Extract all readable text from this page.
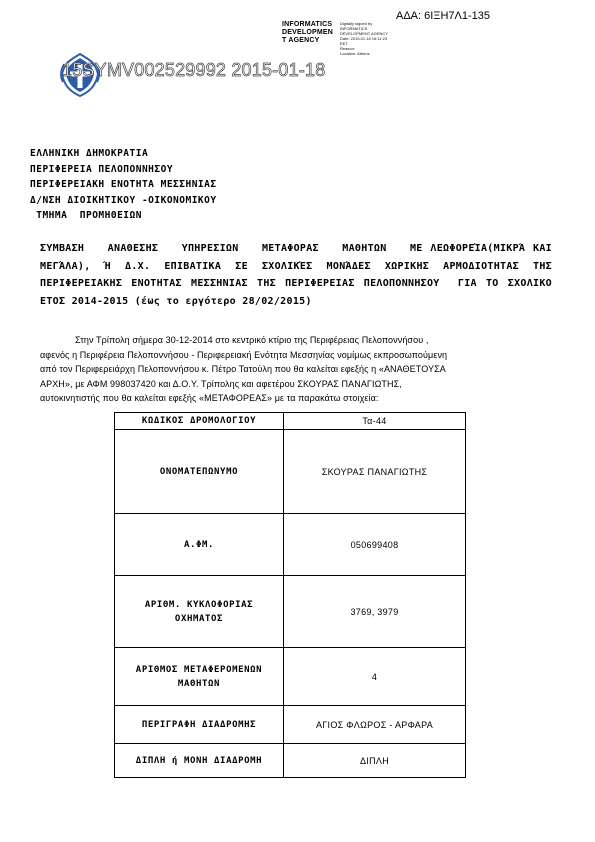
ΑΔΑ: 6ΙΞΗ7Λ1-135
INFORMATICS
DEVELOPMEN
T AGENCY
Digitally signed by
INFORMATICS
DEVELOPMENT AGENCY
Date: 2015.01.16 16:11:23
EET
Reason:
Location: Athens
15SYMV002529992 2015-01-18
ΕΛΛΗΝΙΚΗ ΔΗΜΟΚΡΑΤΙΑ
ΠΕΡΙΦΕΡΕΙΑ ΠΕΛΟΠΟΝΝΗΣΟΥ
ΠΕΡΙΦΕΡΕΙΑΚΗ ΕΝΟΤΗΤΑ ΜΕΣΣΗΝΙΑΣ
Δ/ΝΣΗ ΔΙΟΙΚΗΤΙΚΟΥ -ΟΙΚΟΝΟΜΙΚΟΥ
ΤΜΗΜΑ  ΠΡΟΜΗΘΕΙΩΝ
ΣΥΜΒΑΣΗ   ΑΝΑΘΕΣΗΣ   ΥΠΗΡΕΣΙΩΝ   ΜΕΤΑΦΟΡΑΣ   ΜΑΘΗΤΩΝ   ΜΕ ΛΕΩΦΟΡΕΊΑ(ΜΙΚΡΆ ΚΑΙ ΜΕΓΆΛΑ), Ή Δ.Χ. ΕΠΙΒΑΤΙΚΑ ΣΕ ΣΧΟΛΙΚΈΣ ΜΟΝΆΔΕΣ ΧΩΡΙΚΗΣ ΑΡΜΟΔΙΟΤΗΤΑΣ ΤΗΣ ΠΕΡΙΦΕΡΕΙΑΚΗΣ ΕΝΟΤΗΤΑΣ ΜΕΣΣΗΝΙΑΣ ΤΗΣ ΠΕΡΙΦΕΡΕΙΑΣ ΠΕΛΟΠΟΝΝΗΣΟΥ  ΓΙΑ ΤΟ ΣΧΟΛΙΚΟ ΕΤΟΣ 2014-2015 (έως το εργότερο 28/02/2015)
Στην Τρίπολη σήμερα 30-12-2014 στο κεντρικό κτίριο της Περιφέρειας Πελοποννήσου ,
αφενός η Περιφέρεια Πελοποννήσου - Περιφερειακή Ενότητα Μεσσηνίας νομίμως εκπροσωπούμενη
από τον Περιφερειάρχη Πελοποννήσου κ. Πέτρο Τατούλη που θα καλείται εφεξής η «ΑΝΑΘΕΤΟΥΣΑ
ΑΡΧΗ», με ΑΦΜ 998037420 και Δ.Ο.Υ. Τρίπολης και αφετέρου ΣΚΟΥΡΑΣ ΠΑΝΑΓΙΩΤΗΣ,
αυτοκινητιστής που θα καλείται εφεξής «ΜΕΤΑΦΟΡΕΑΣ» με τα παρακάτω στοιχεία:
ΚΩΔΙΚΟΣ ΔΡΟΜΟΛΟΓΙΟΥ	Τα-44
ΟΝΟΜΑΤΕΠΩΝΥΜΟ	ΣΚΟΥΡΑΣ ΠΑΝΑΓΙΩΤΗΣ
Α.ΦΜ.	050699408
ΑΡΙΘΜ. ΚΥΚΛΟΦΟΡΙΑΣ ΟΧΗΜΑΤΟΣ	3769, 3979
ΑΡΙΘΜΟΣ ΜΕΤΑΦΕΡΟΜΕΝΩΝ ΜΑΘΗΤΩΝ	4
ΠΕΡΙΓΡΑΦΗ ΔΙΑΔΡΟΜΗΣ	ΑΓΙΟΣ ΦΛΩΡΟΣ - ΑΡΦΑΡΑ
ΔΙΠΛΗ ή ΜΟΝΗ ΔΙΑΔΡΟΜΗ	ΔΙΠΛΗ
